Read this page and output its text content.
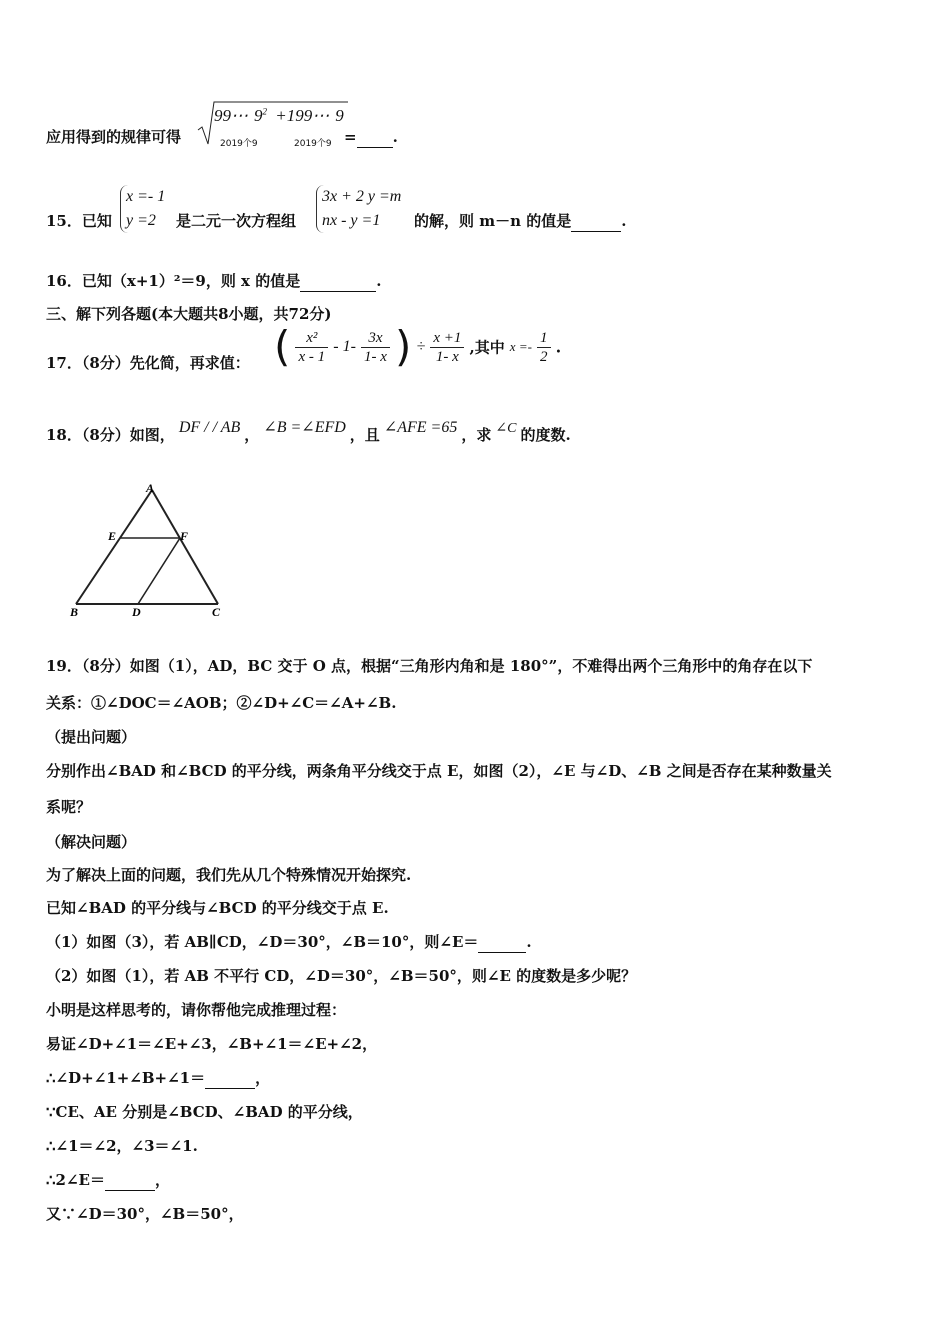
应用得到的规律可得
99⋯ $9^2$ +199⋯ 9
2019个9	2019个9 = .
15．已知
x =- 1
y =2	是二元一次方程组
3x + 2 y =m
nx - y =1	的解，则 m－n 的值是	.
16．已知（x+1）²＝9，则 x 的值是	.
三、解下列各题(本大题共8小题，共72分)
17．（8分）先化简，再求值： ( $\frac{\text{x²}}{x - 1} - 1- \frac{3x}{1- x}$ ) ÷ $\frac{x +1}{1- x}$ ,其中 $x =- \frac{1}{2}$ .
18．（8分）如图， DF / / AB ， ∠B =∠EFD ，且 ∠AFE =65 ，求 ∠C 的度数.
A
E	F
B	D	C
19．（8分）如图（1），AD，BC 交于 O 点，根据“三角形内角和是 180°”，不难得出两个三角形中的角存在以下
关系：①∠DOC＝∠AOB；②∠D+∠C＝∠A+∠B.
（提出问题）
分别作出∠BAD 和∠BCD 的平分线，两条角平分线交于点 E，如图（2），∠E 与∠D、∠B 之间是否存在某种数量关
系呢？
（解决问题）
为了解决上面的问题，我们先从几个特殊情况开始探究.
已知∠BAD 的平分线与∠BCD 的平分线交于点 E.
（1）如图（3），若 AB∥CD，∠D＝30°，∠B＝10°，则∠E＝	.
（2）如图（1），若 AB 不平行 CD，∠D＝30°，∠B＝50°，则∠E 的度数是多少呢？
小明是这样思考的，请你帮他完成推理过程：
易证∠D+∠1＝∠E+∠3，∠B+∠1＝∠E+∠2，
∴∠D+∠1+∠B+∠1＝	，
∵CE、AE 分别是∠BCD、∠BAD 的平分线，
∴∠1＝∠2，∠3＝∠1.
∴2∠E＝	，
又∵∠D＝30°，∠B＝50°，
